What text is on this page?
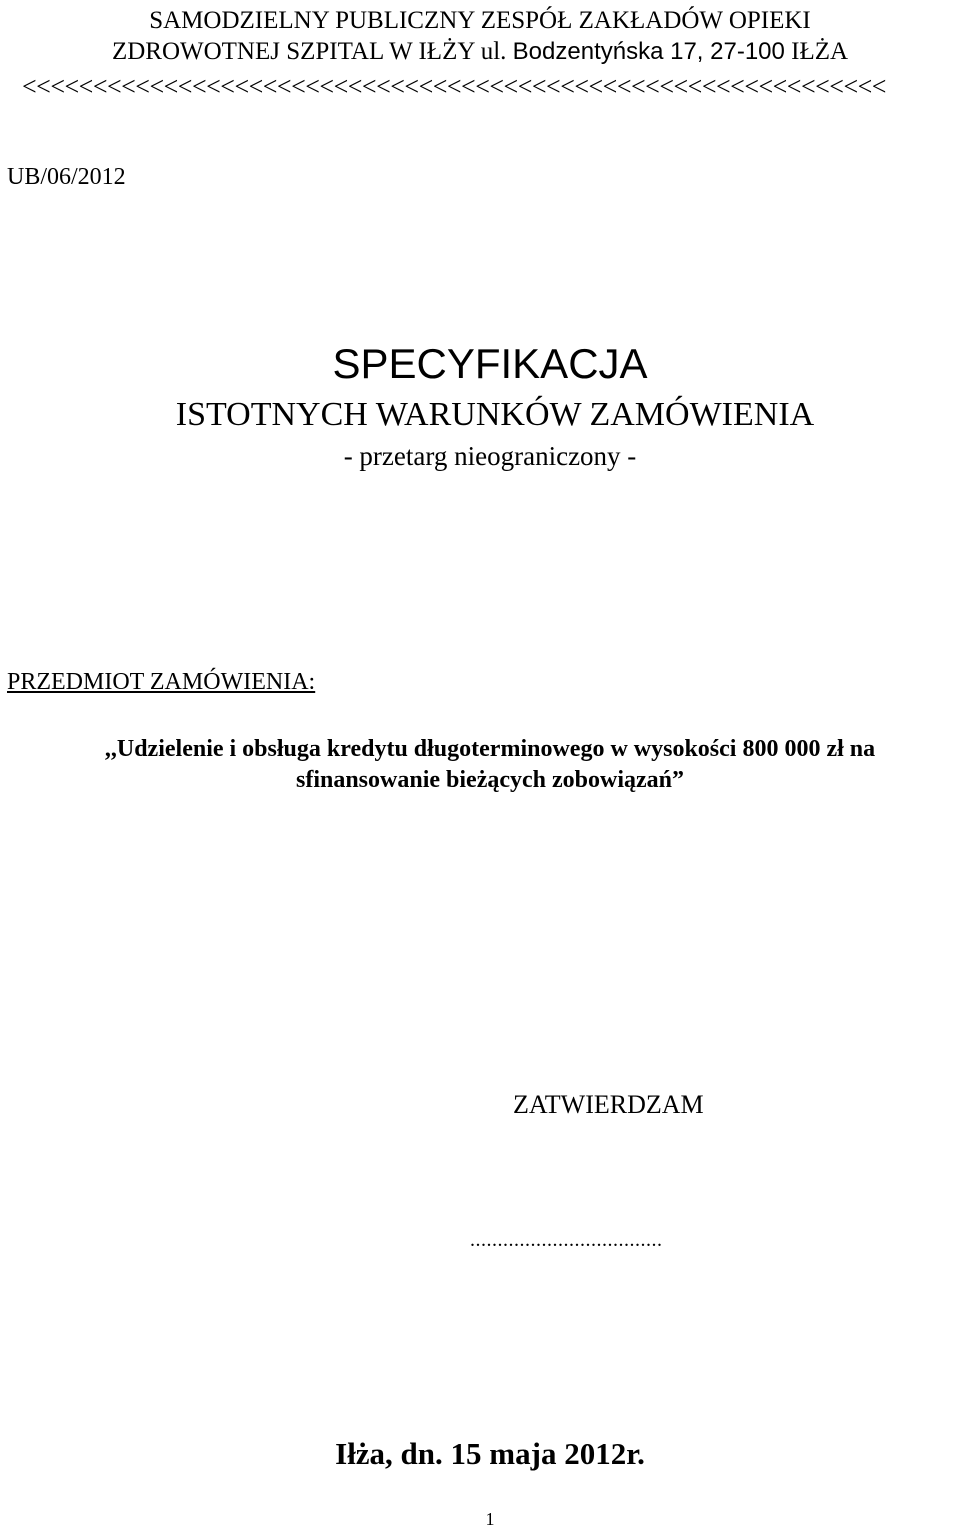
SAMODZIELNY PUBLICZNY ZESPÓŁ ZAKŁADÓW OPIEKI
ZDROWOTNEJ SZPITAL W IŁŻY ul. Bodzentyńska 17, 27-100 IŁŻA
<<<<<<<<<<<<<<<<<<<<<<<<<<<<<<<<<<<<<<<<<<<<<<<<<<<<<<<<<<<<<
UB/06/2012
SPECYFIKACJA
ISTOTNYCH WARUNKÓW ZAMÓWIENIA
- przetarg nieograniczony -
PRZEDMIOT ZAMÓWIENIA:
,,Udzielenie i obsługa kredytu długoterminowego w wysokości 800 000 zł na
sfinansowanie bieżących zobowiązań”
ZATWIERDZAM
...................................
Iłża, dn. 15 maja 2012r.
1
